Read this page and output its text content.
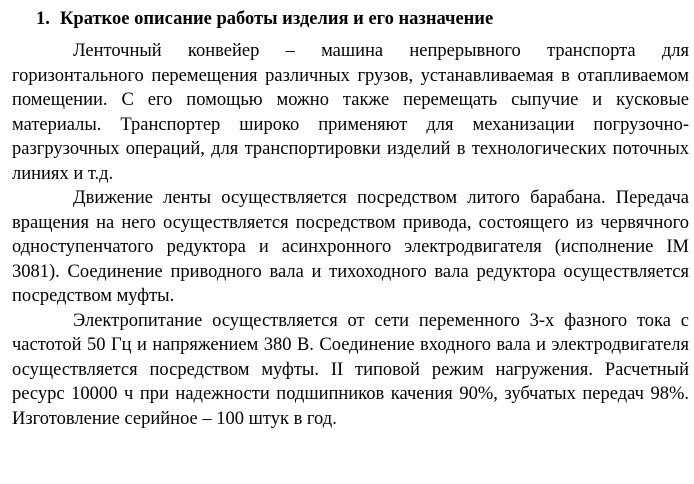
1. Краткое описание работы изделия и его назначение

Ленточный конвейер – машина непрерывного транспорта для горизонтального перемещения различных грузов, устанавливаемая в отапливаемом помещении. С его помощью можно также перемещать сыпучие и кусковые материалы. Транспортер широко применяют для механизации погрузочно-разгрузочных операций, для транспортировки изделий в технологических поточных линиях и т.д.

Движение ленты осуществляется посредством литого барабана. Передача вращения на него осуществляется посредством привода, состоящего из червячного одноступенчатого редуктора и асинхронного электродвигателя (исполнение IM 3081). Соединение приводного вала и тихоходного вала редуктора осуществляется посредством муфты.

Электропитание осуществляется от сети переменного 3-х фазного тока с частотой 50 Гц и напряжением 380 В. Соединение входного вала и электродвигателя осуществляется посредством муфты. II типовой режим нагружения. Расчетный ресурс 10000 ч при надежности подшипников качения 90%, зубчатых передач 98%. Изготовление серийное – 100 штук в год.
